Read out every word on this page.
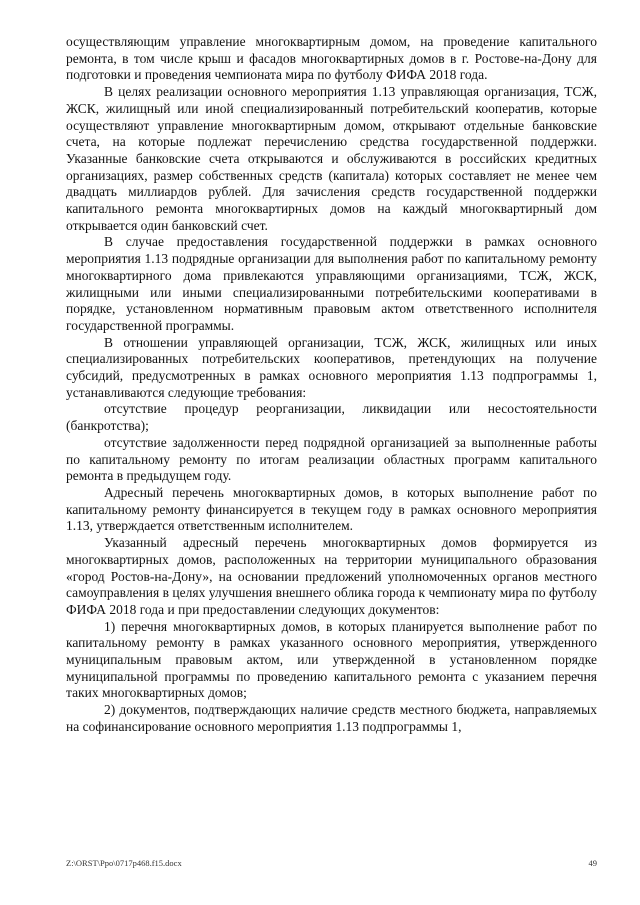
осуществляющим управление многоквартирным домом, на проведение капитального ремонта, в том числе крыш и фасадов многоквартирных домов в г. Ростове-на-Дону для подготовки и проведения чемпионата мира по футболу ФИФА 2018 года.

В целях реализации основного мероприятия 1.13 управляющая организация, ТСЖ, ЖСК, жилищный или иной специализированный потребительский кооператив, которые осуществляют управление многоквартирным домом, открывают отдельные банковские счета, на которые подлежат перечислению средства государственной поддержки. Указанные банковские счета открываются и обслуживаются в российских кредитных организациях, размер собственных средств (капитала) которых составляет не менее чем двадцать миллиардов рублей. Для зачисления средств государственной поддержки капитального ремонта многоквартирных домов на каждый многоквартирный дом открывается один банковский счет.

В случае предоставления государственной поддержки в рамках основного мероприятия 1.13 подрядные организации для выполнения работ по капитальному ремонту многоквартирного дома привлекаются управляющими организациями, ТСЖ, ЖСК, жилищными или иными специализированными потребительскими кооперативами в порядке, установленном нормативным правовым актом ответственного исполнителя государственной программы.

В отношении управляющей организации, ТСЖ, ЖСК, жилищных или иных специализированных потребительских кооперативов, претендующих на получение субсидий, предусмотренных в рамках основного мероприятия 1.13 подпрограммы 1, устанавливаются следующие требования:

отсутствие процедур реорганизации, ликвидации или несостоятельности (банкротства);

отсутствие задолженности перед подрядной организацией за выполненные работы по капитальному ремонту по итогам реализации областных программ капитального ремонта в предыдущем году.

Адресный перечень многоквартирных домов, в которых выполнение работ по капитальному ремонту финансируется в текущем году в рамках основного мероприятия 1.13, утверждается ответственным исполнителем.

Указанный адресный перечень многоквартирных домов формируется из многоквартирных домов, расположенных на территории муниципального образования «город Ростов-на-Дону», на основании предложений уполномоченных органов местного самоуправления в целях улучшения внешнего облика города к чемпионату мира по футболу ФИФА 2018 года и при предоставлении следующих документов:

1) перечня многоквартирных домов, в которых планируется выполнение работ по капитальному ремонту в рамках указанного основного мероприятия, утвержденного муниципальным правовым актом, или утвержденной в установленном порядке муниципальной программы по проведению капитального ремонта с указанием перечня таких многоквартирных домов;

2) документов, подтверждающих наличие средств местного бюджета, направляемых на софинансирование основного мероприятия 1.13 подпрограммы 1,

Z:\ORST\Ppo\0717p468.f15.docx	49
